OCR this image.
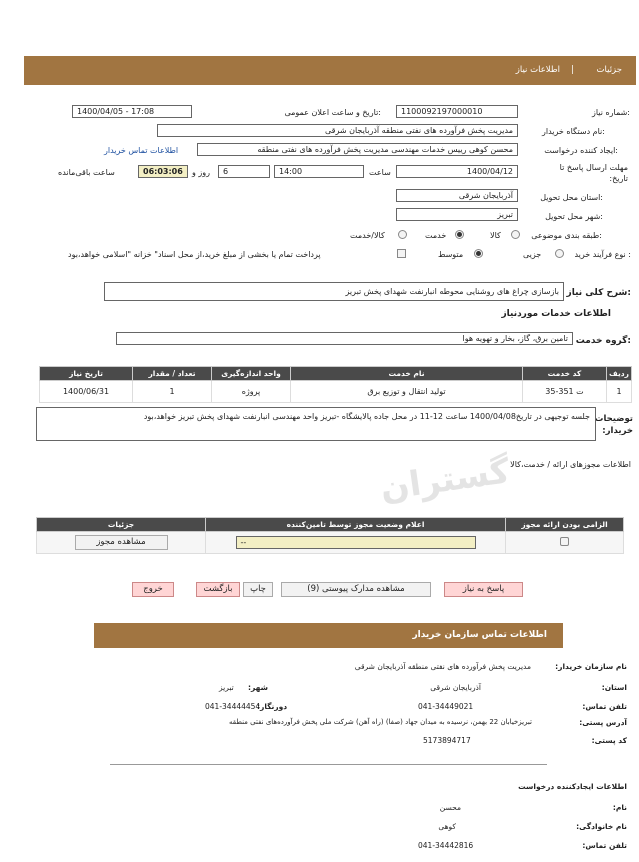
گستران
جزئیات
|
اطلاعات نیاز
شماره نیاز:
1100092197000010
تاریخ و ساعت اعلان عمومی:
1400/04/05 - 17:08
نام دستگاه خریدار:
مدیریت پخش فرآورده های نفتی منطقه آذربایجان شرقی
ایجاد کننده درخواست:
محسن کوهی رییس خدمات مهندسی مدیریت پخش فرآورده های نفتی منطقه
اطلاعات تماس خریدار
مهلت ارسال پاسخ تا تاریخ:
1400/04/12
ساعت
14:00
6
روز و
06:03:06
ساعت باقی‌مانده
استان محل تحویل:
آذربایجان شرقی
شهر محل تحویل:
تبریز
طبقه بندی موضوعی:
کالا
خدمت
کالا/خدمت
نوع فرآیند خرید :
جزیی
متوسط
پرداخت تمام یا بخشی از مبلغ خرید،از محل اسناد" خزانه "اسلامی خواهد،بود
شرح کلی نیاز:
بازسازی چراغ های روشنایی محوطه انبارنفت شهدای پخش تبریز
اطلاعات خدمات موردنیاز
گروه خدمت:
تامین برق، گاز، بخار و تهویه هوا
ردیف	کد خدمت	نام خدمت	واحد اندازه‌گیری	تعداد / مقدار	تاریخ نیاز
1	ت 351-35	تولید انتقال و توزیع برق	پروژه	1	1400/06/31
توضیحات خریدار:
جلسه توجیهی در تاریخ1400/04/08 ساعت 12-11 در محل جاده پالایشگاه -تبریز واحد مهندسی انبارنفت شهدای پخش تبریز خواهد،بود
اطلاعات مجوزهای ارائه / خدمت،کالا
الزامی بودن ارائه مجوز	اعلام وضعیت مجوز توسط تامین‌کننده	جزئیات

	--	مشاهده مجوز
پاسخ به نیاز
مشاهده مدارک پیوستی (9)
چاپ
بازگشت
خروج
اطلاعات تماس سازمان خریدار
نام سازمان خریدار:
مدیریت پخش فرآورده های نفتی منطقه آذربایجان شرقی
استان:
آذربایجان شرقی
شهر:
تبریز
تلفن تماس:
041-34449021
دورنگار:
041-34444454
آدرس پستی:
تبریزخیابان 22 بهمن، نرسیده به میدان جهاد (صفا) (راه آهن) شرکت ملی پخش فرآورده‌های نفتی منطقه
کد پستی:
5173894717
اطلاعات ایجادکننده درخواست
نام:
محسن
نام خانوادگی:
کوهی
تلفن تماس:
041-34442816
